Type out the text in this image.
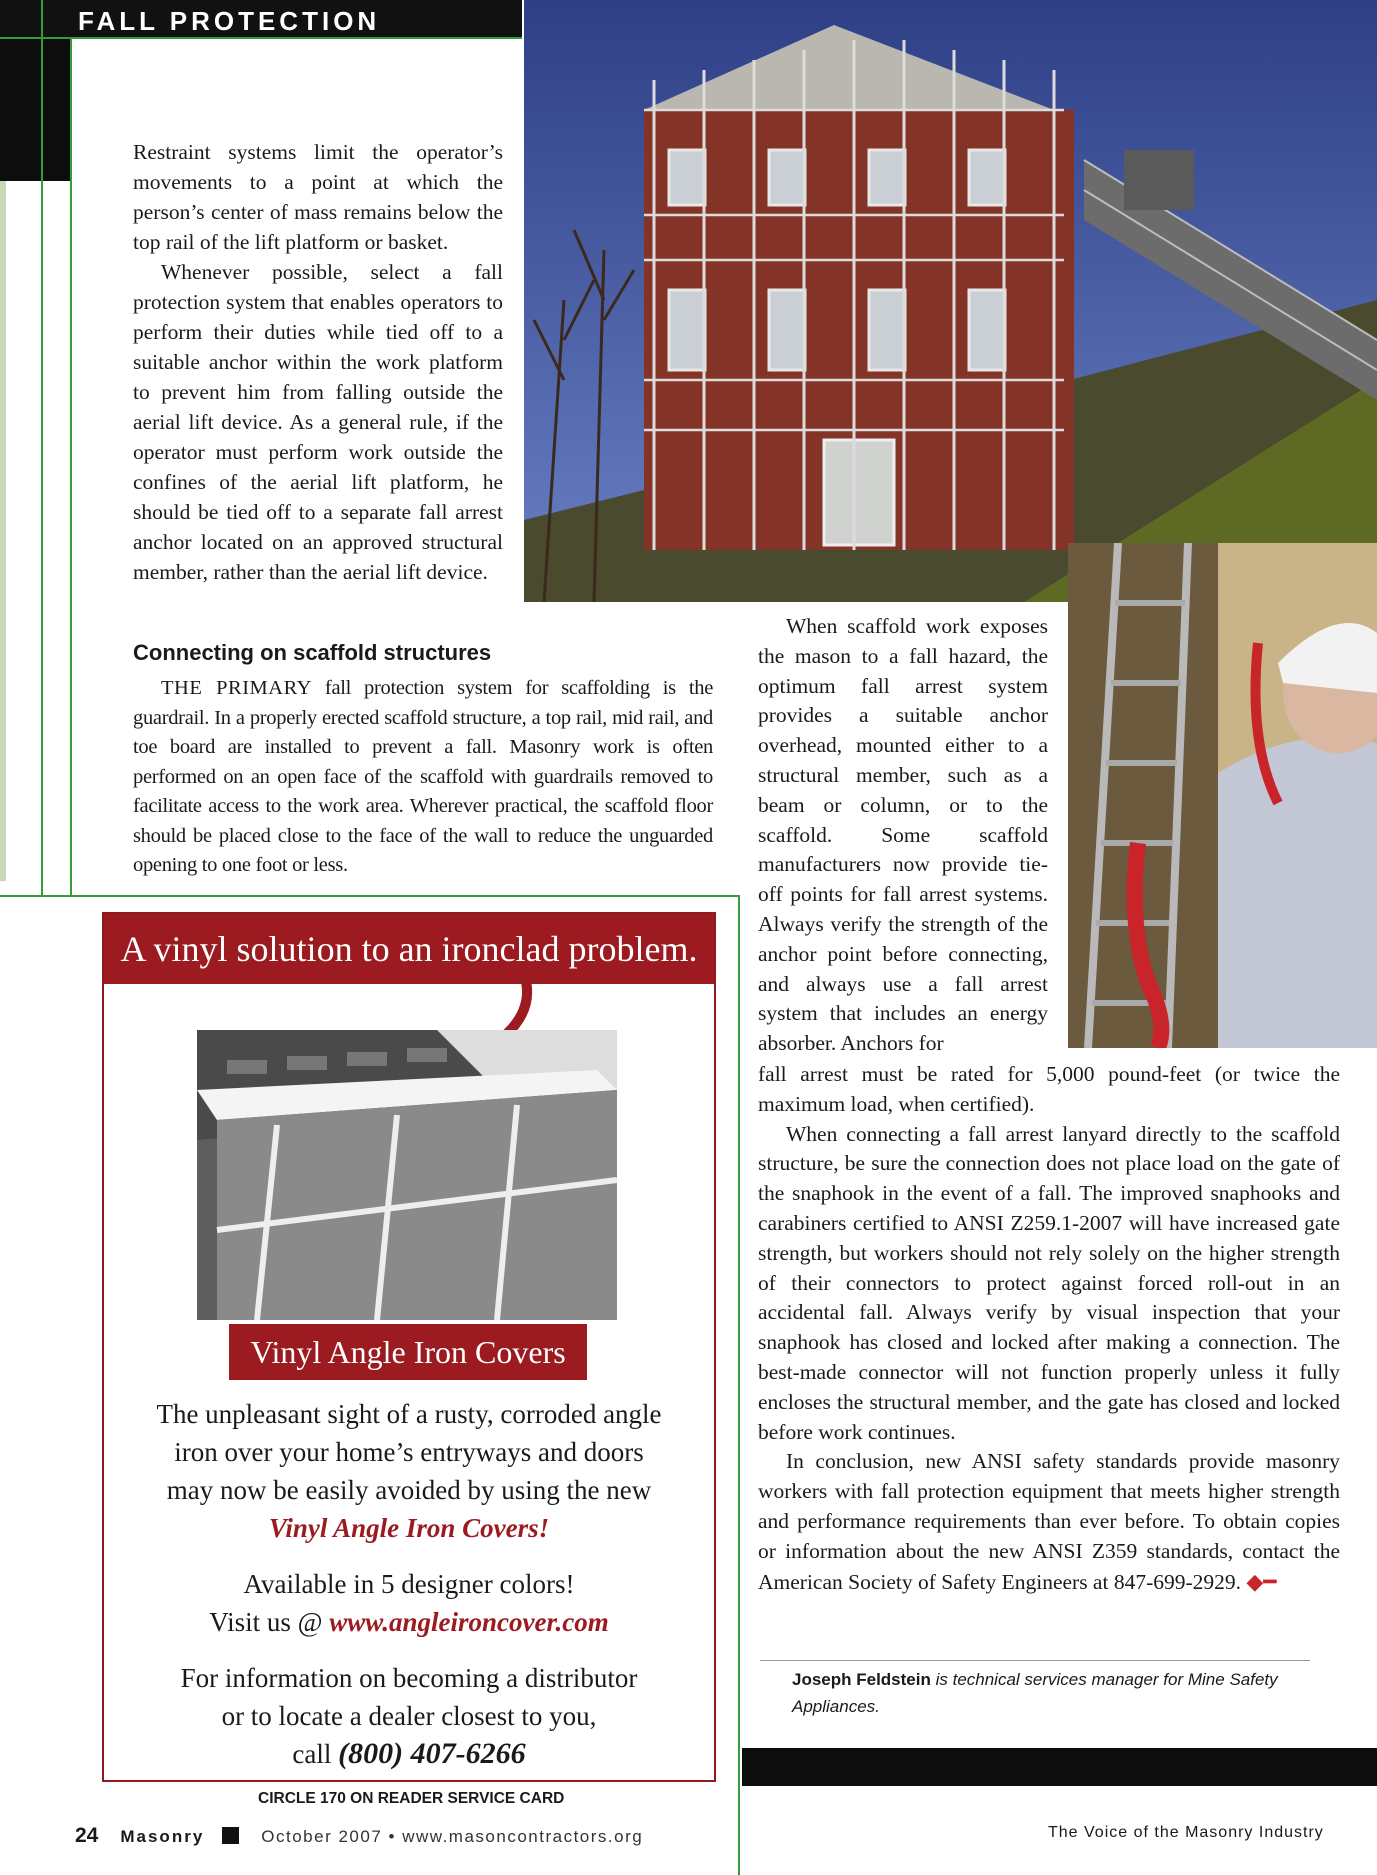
FALL PROTECTION

Restraint systems limit the operator’s movements to a point at which the person’s center of mass remains below the top rail of the lift platform or basket.

Whenever possible, select a fall protection system that enables operators to perform their duties while tied off to a suitable anchor within the work platform to prevent him from falling outside the aerial lift device. As a general rule, if the operator must perform work outside the confines of the aerial lift platform, he should be tied off to a separate fall arrest anchor located on an approved structural member, rather than the aerial lift device.

Connecting on scaffold structures

THE PRIMARY fall protection system for scaffolding is the guardrail. In a properly erected scaffold structure, a top rail, mid rail, and toe board are installed to prevent a fall. Masonry work is often performed on an open face of the scaffold with guardrails removed to facilitate access to the work area. Wherever practical, the scaffold floor should be placed close to the face of the wall to reduce the unguarded opening to one foot or less.

When scaffold work exposes the mason to a fall hazard, the optimum fall arrest system provides a suitable anchor overhead, mounted either to a structural member, such as a beam or column, or to the scaffold. Some scaffold manufacturers now provide tie-off points for fall arrest systems. Always verify the strength of the anchor point before connecting, and always use a fall arrest system that includes an energy absorber. Anchors for

fall arrest must be rated for 5,000 pound-feet (or twice the maximum load, when certified).

When connecting a fall arrest lanyard directly to the scaffold structure, be sure the connection does not place load on the gate of the snaphook in the event of a fall. The improved snaphooks and carabiners certified to ANSI Z259.1-2007 will have increased gate strength, but workers should not rely solely on the higher strength of their connectors to protect against forced roll-out in an accidental fall. Always verify by visual inspection that your snaphook has closed and locked after making a connection. The best-made connector will not function properly unless it fully encloses the structural member, and the gate has closed and locked before work continues.

In conclusion, new ANSI safety standards provide masonry workers with fall protection equipment that meets higher strength and performance requirements than ever before. To obtain copies or information about the new ANSI Z359 standards, contact the American Society of Safety Engineers at 847-699-2929. ◆━

Joseph Feldstein is technical services manager for Mine Safety Appliances.
A vinyl solution to an ironclad problem.
Vinyl Angle Iron Covers
The unpleasant sight of a rusty, corroded angle
iron over your home’s entryways and doors
may now be easily avoided by using the new
Vinyl Angle Iron Covers!
Available in 5 designer colors!
Visit us @ www.angleironcover.com
For information on becoming a distributor
or to locate a dealer closest to you,
call (800) 407-6266
CIRCLE 170 ON READER SERVICE CARD
24 Masonry	October 2007 • www.masoncontractors.org	The Voice of the Masonry Industry
